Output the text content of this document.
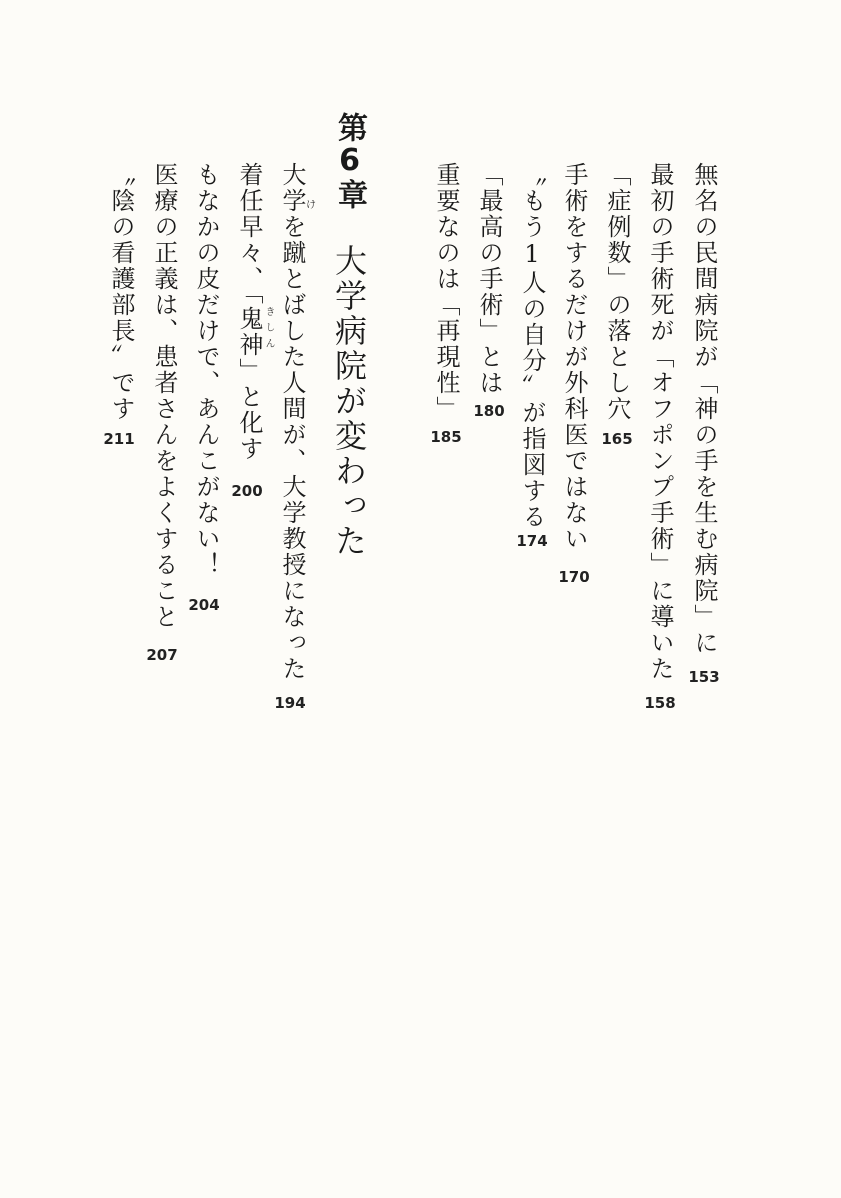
無名の民間病院が「神の手を生む病院」に
153
最初の手術死が「オフポンプ手術」に導いた
158
「症例数」の落とし穴
165
手術をするだけが外科医ではない
170
〝もう1人の自分〟が指図する
174
「最高の手術」とは
180
重要なのは「再現性」
185
第6章大学病院が変わった
大学を蹴とばした人間が、大学教授になった け
194
着任早々、「鬼神」と化す きしん
200
もなかの皮だけで、あんこがない！
204
医療の正義は、患者さんをよくすること
207
〝陰の看護部長〟です
211
